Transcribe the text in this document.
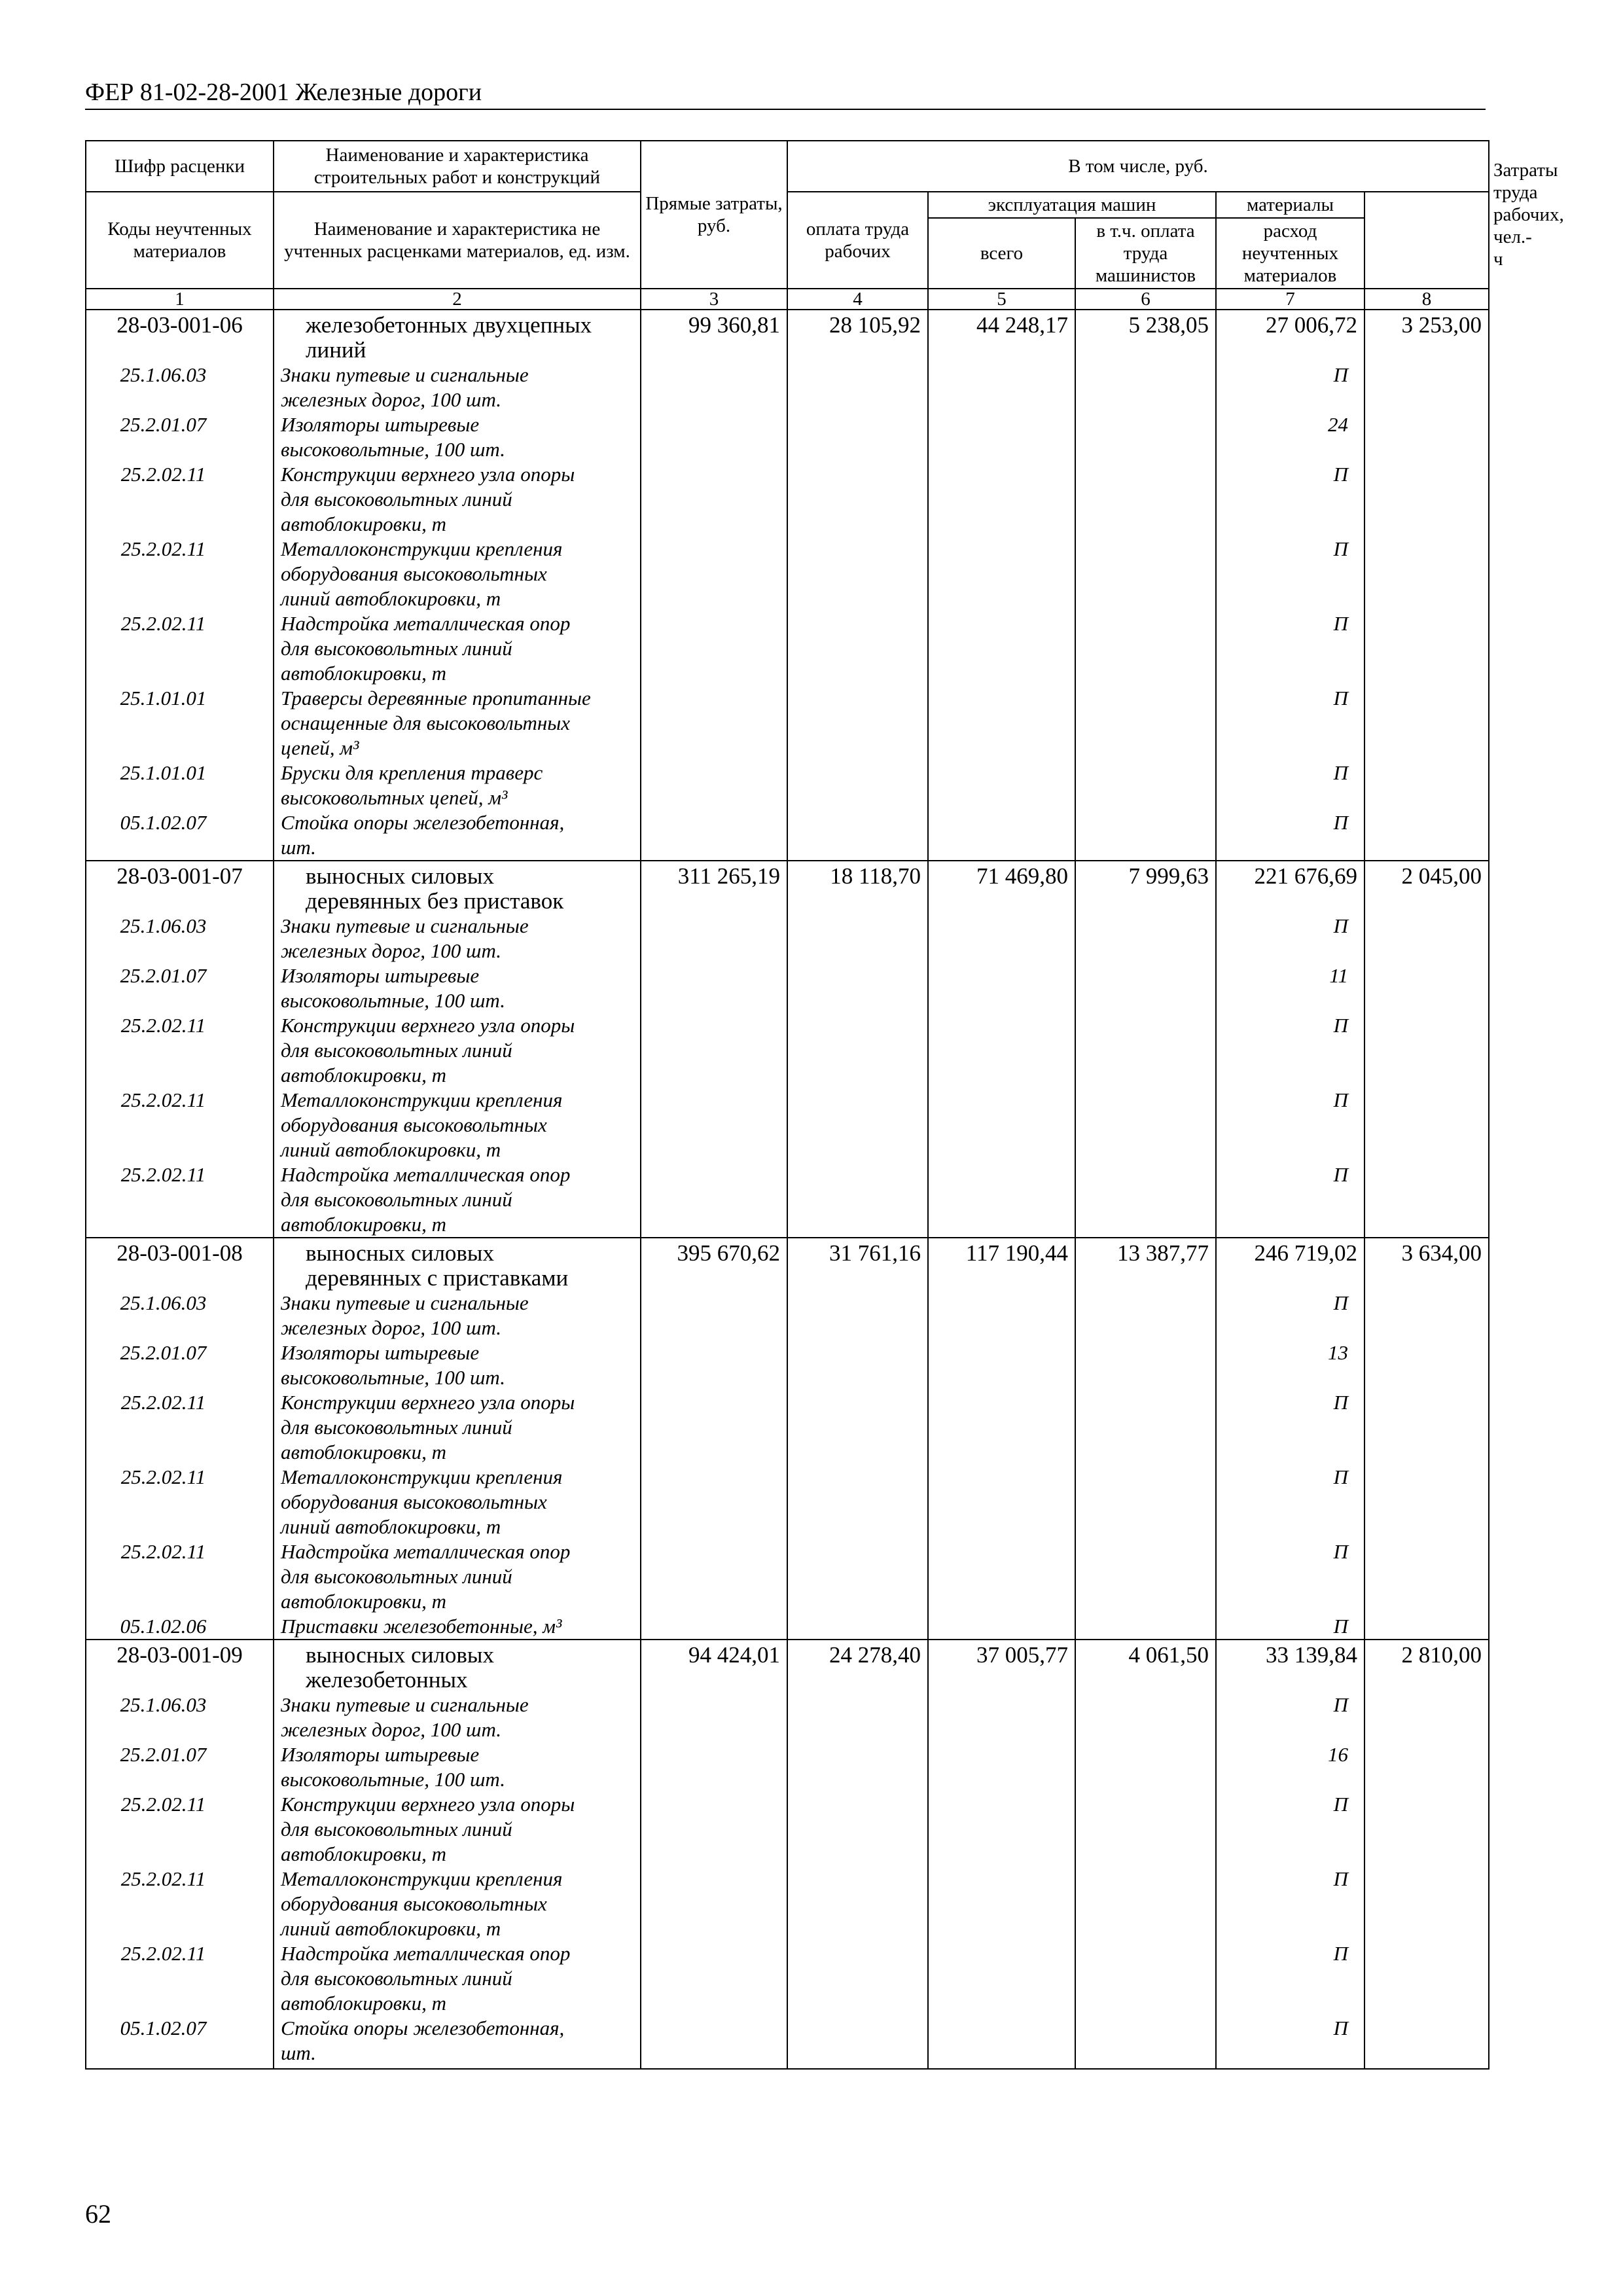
ФЕР 81-02-28-2001 Железные дороги
Шифр расценки	Наименование и характеристика строительных работ и конструкций	Прямые затраты, руб.	В том числе, руб.					Затраты труда рабочих, чел.-ч
Коды неучтенных материалов	Наименование и характеристика не учтенных расценками материалов, ед. изм.		оплата труда рабочих	эксплуатация машин		материалы		
				всего	в т.ч. оплата труда машинистов	расход неучтенных материалов		
1	2	3	4	5	6	7	8	
28-03-001-06	железобетонных двухцепных
линий	99 360,81	28 105,92	44 248,17	5 238,05	27 006,72	3 253,00	
25.1.06.03	Знаки путевые и сигнальные
железных дорог, 100 шт.					П		
25.2.01.07	Изоляторы штыревые
высоковольтные, 100 шт.					24		
25.2.02.11	Конструкции верхнего узла опоры
для высоковольтных линий
автоблокировки, т					П		
25.2.02.11	Металлоконструкции крепления
оборудования высоковольтных
линий автоблокировки, т					П		
25.2.02.11	Надстройка металлическая опор
для высоковольтных линий
автоблокировки, т					П		
25.1.01.01	Траверсы деревянные пропитанные
оснащенные для высоковольтных
цепей, м³					П		
25.1.01.01	Бруски для крепления траверс
высоковольтных цепей, м³					П		
05.1.02.07	Стойка опоры железобетонная,
шт.					П		
28-03-001-07	выносных силовых
деревянных без приставок	311 265,19	18 118,70	71 469,80	7 999,63	221 676,69	2 045,00	
25.1.06.03	Знаки путевые и сигнальные
железных дорог, 100 шт.					П		
25.2.01.07	Изоляторы штыревые
высоковольтные, 100 шт.					11		
25.2.02.11	Конструкции верхнего узла опоры
для высоковольтных линий
автоблокировки, т					П		
25.2.02.11	Металлоконструкции крепления
оборудования высоковольтных
линий автоблокировки, т					П		
25.2.02.11	Надстройка металлическая опор
для высоковольтных линий
автоблокировки, т					П		
28-03-001-08	выносных силовых
деревянных с приставками	395 670,62	31 761,16	117 190,44	13 387,77	246 719,02	3 634,00	
25.1.06.03	Знаки путевые и сигнальные
железных дорог, 100 шт.					П		
25.2.01.07	Изоляторы штыревые
высоковольтные, 100 шт.					13		
25.2.02.11	Конструкции верхнего узла опоры
для высоковольтных линий
автоблокировки, т					П		
25.2.02.11	Металлоконструкции крепления
оборудования высоковольтных
линий автоблокировки, т					П		
25.2.02.11	Надстройка металлическая опор
для высоковольтных линий
автоблокировки, т					П		
05.1.02.06	Приставки железобетонные, м³					П		
28-03-001-09	выносных силовых
железобетонных	94 424,01	24 278,40	37 005,77	4 061,50	33 139,84	2 810,00	
25.1.06.03	Знаки путевые и сигнальные
железных дорог, 100 шт.					П		
25.2.01.07	Изоляторы штыревые
высоковольтные, 100 шт.					16		
25.2.02.11	Конструкции верхнего узла опоры
для высоковольтных линий
автоблокировки, т					П		
25.2.02.11	Металлоконструкции крепления
оборудования высоковольтных
линий автоблокировки, т					П		
25.2.02.11	Надстройка металлическая опор
для высоковольтных линий
автоблокировки, т					П		
05.1.02.07	Стойка опоры железобетонная,
шт.					П		

62
